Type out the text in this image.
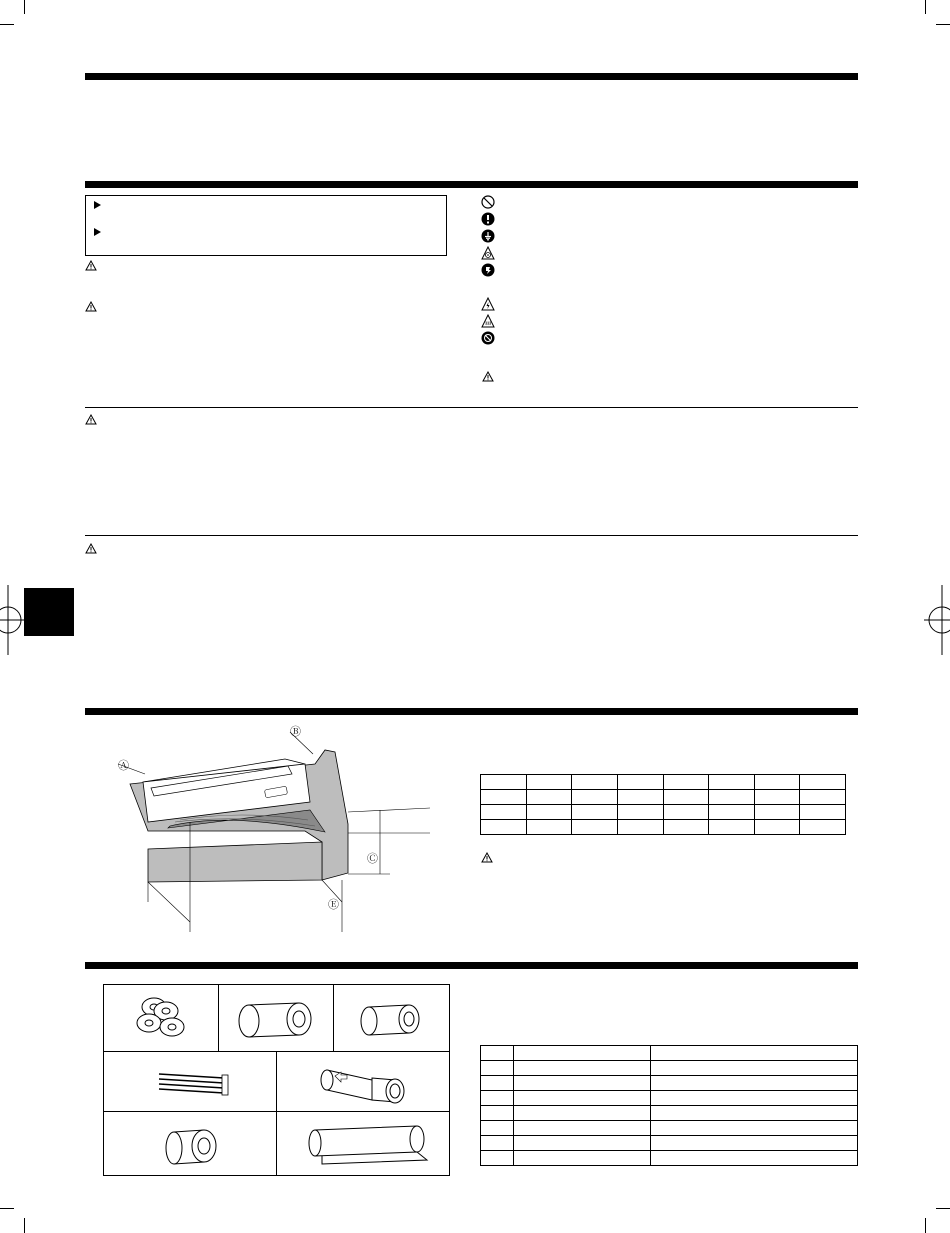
Ⓐ
Ⓑ
Ⓒ
Ⓔ
